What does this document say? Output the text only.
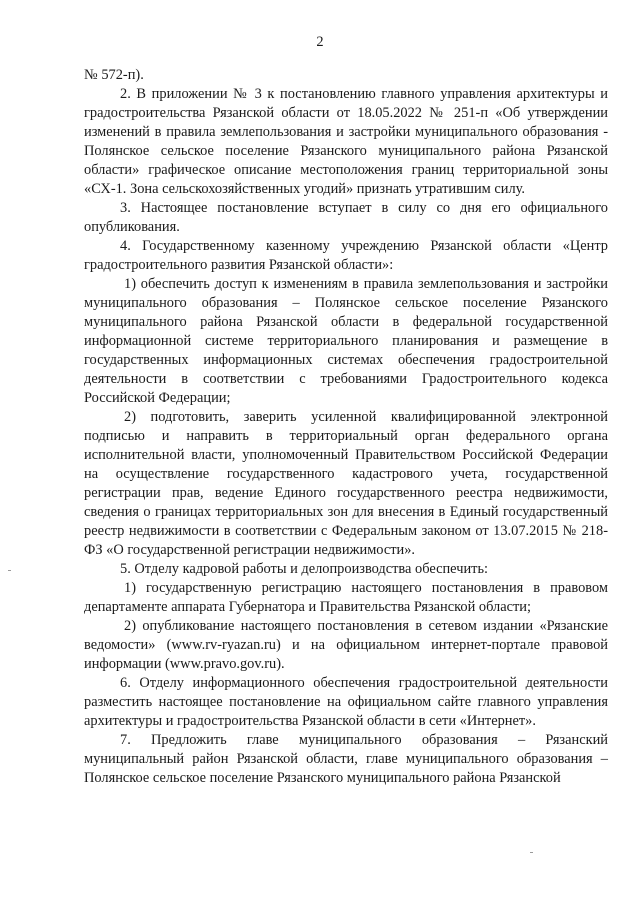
2

№ 572-п).

2. В приложении № 3 к постановлению главного управления архитектуры и градостроительства Рязанской области от 18.05.2022 № 251-п «Об утверждении изменений в правила землепользования и застройки муниципального образования - Полянское сельское поселение Рязанского муниципального района Рязанской области» графическое описание местоположения границ территориальной зоны «СХ-1. Зона сельскохозяйственных угодий» признать утратившим силу.

3. Настоящее постановление вступает в силу со дня его официального опубликования.

4. Государственному казенному учреждению Рязанской области «Центр градостроительного развития Рязанской области»:

1) обеспечить доступ к изменениям в правила землепользования и застройки муниципального образования – Полянское сельское поселение Рязанского муниципального района Рязанской области в федеральной государственной информационной системе территориального планирования и размещение в государственных информационных системах обеспечения градостроительной деятельности в соответствии с требованиями Градостроительного кодекса Российской Федерации;

2) подготовить, заверить усиленной квалифицированной электронной подписью и направить в территориальный орган федерального органа исполнительной власти, уполномоченный Правительством Российской Федерации на осуществление государственного кадастрового учета, государственной регистрации прав, ведение Единого государственного реестра недвижимости, сведения о границах территориальных зон для внесения в Единый государственный реестр недвижимости в соответствии с Федеральным законом от 13.07.2015 № 218-ФЗ «О государственной регистрации недвижимости».

5. Отделу кадровой работы и делопроизводства обеспечить:

1) государственную регистрацию настоящего постановления в правовом департаменте аппарата Губернатора и Правительства Рязанской области;

2) опубликование настоящего постановления в сетевом издании «Рязанские ведомости» (www.rv-ryazan.ru) и на официальном интернет-портале правовой информации (www.pravo.gov.ru).

6. Отделу информационного обеспечения градостроительной деятельности разместить настоящее постановление на официальном сайте главного управления архитектуры и градостроительства Рязанской области в сети «Интернет».

7. Предложить главе муниципального образования – Рязанский муниципальный район Рязанской области, главе муниципального образования – Полянское сельское поселение Рязанского муниципального района Рязанской
